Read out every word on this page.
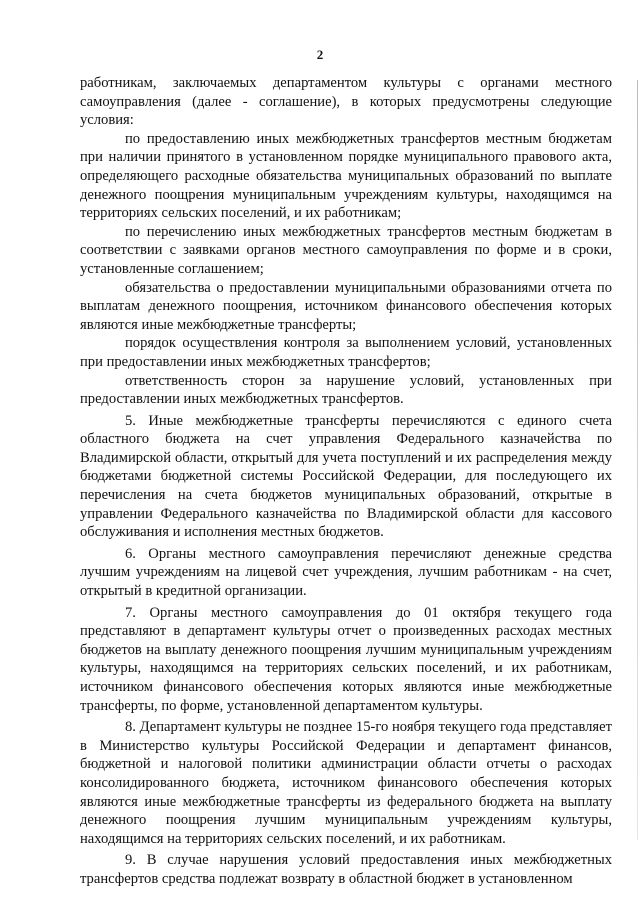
2

работникам, заключаемых департаментом культуры с органами местного самоуправления (далее - соглашение), в которых предусмотрены следующие условия:

по предоставлению иных межбюджетных трансфертов местным бюджетам при наличии принятого в установленном порядке муниципального правового акта, определяющего расходные обязательства муниципальных образований по выплате денежного поощрения муниципальным учреждениям культуры, находящимся на территориях сельских поселений, и их работникам;

по перечислению иных межбюджетных трансфертов местным бюджетам в соответствии с заявками органов местного самоуправления по форме и в сроки, установленные соглашением;

обязательства о предоставлении муниципальными образованиями отчета по выплатам денежного поощрения, источником финансового обеспечения которых являются иные межбюджетные трансферты;

порядок осуществления контроля за выполнением условий, установленных при предоставлении иных межбюджетных трансфертов;

ответственность сторон за нарушение условий, установленных при предоставлении иных межбюджетных трансфертов.

5. Иные межбюджетные трансферты перечисляются с единого счета областного бюджета на счет управления Федерального казначейства по Владимирской области, открытый для учета поступлений и их распределения между бюджетами бюджетной системы Российской Федерации, для последующего их перечисления на счета бюджетов муниципальных образований, открытые в управлении Федерального казначейства по Владимирской области для кассового обслуживания и исполнения местных бюджетов.

6. Органы местного самоуправления перечисляют денежные средства лучшим учреждениям на лицевой счет учреждения, лучшим работникам - на счет, открытый в кредитной организации.

7. Органы местного самоуправления до 01 октября текущего года представляют в департамент культуры отчет о произведенных расходах местных бюджетов на выплату денежного поощрения лучшим муниципальным учреждениям культуры, находящимся на территориях сельских поселений, и их работникам, источником финансового обеспечения которых являются иные межбюджетные трансферты, по форме, установленной департаментом культуры.

8. Департамент культуры не позднее 15-го ноября текущего года представляет в Министерство культуры Российской Федерации и департамент финансов, бюджетной и налоговой политики администрации области отчеты о расходах консолидированного бюджета, источником финансового обеспечения которых являются иные межбюджетные трансферты из федерального бюджета на выплату денежного поощрения лучшим муниципальным учреждениям культуры, находящимся на территориях сельских поселений, и их работникам.

9. В случае нарушения условий предоставления иных межбюджетных трансфертов средства подлежат возврату в областной бюджет в установленном
